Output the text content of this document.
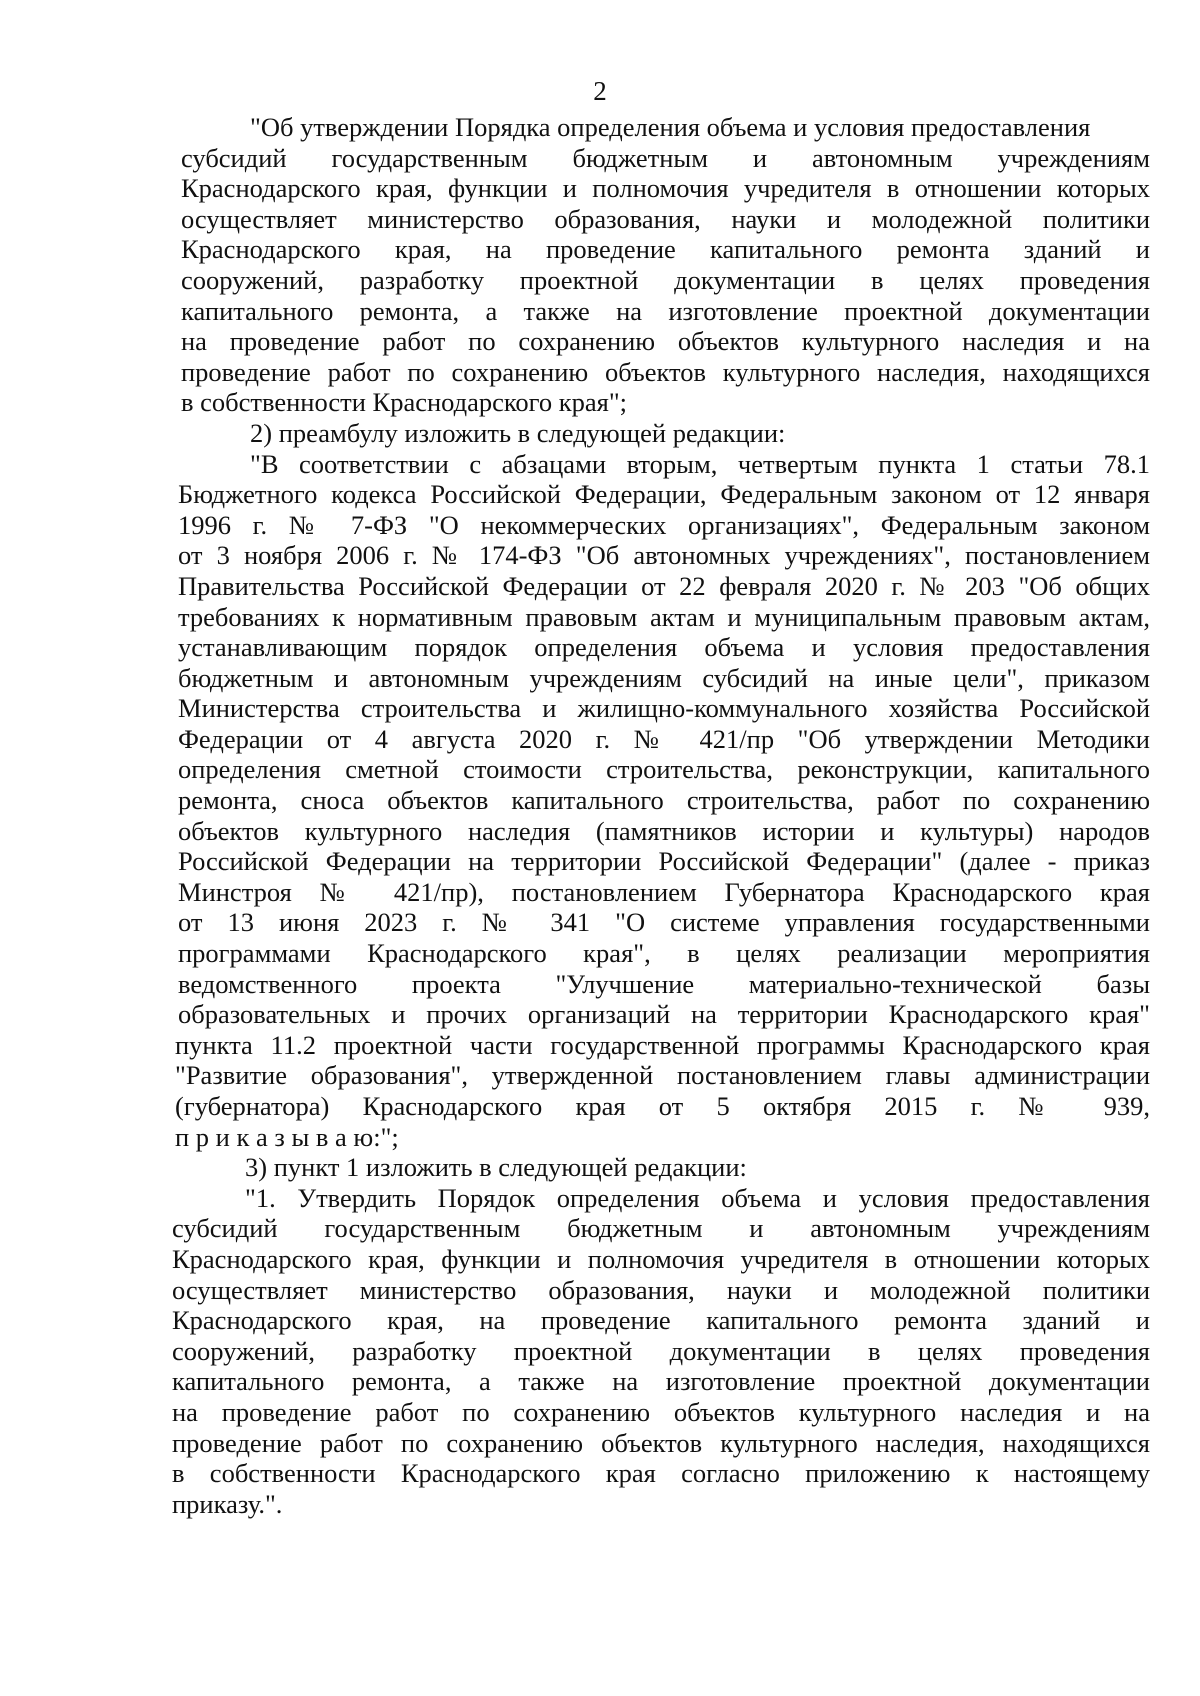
2
"Об утверждении Порядка определения объема и условия предоставления
субсидий государственным бюджетным и автономным учреждениям
Краснодарского края, функции и полномочия учредителя в отношении которых
осуществляет министерство образования, науки и молодежной политики
Краснодарского края, на проведение капитального ремонта зданий и
сооружений, разработку проектной документации в целях проведения
капитального ремонта, а также на изготовление проектной документации
на проведение работ по сохранению объектов культурного наследия и на
проведение работ по сохранению объектов культурного наследия, находящихся
в собственности Краснодарского края";
2) преамбулу изложить в следующей редакции:
"В соответствии с абзацами вторым, четвертым пункта 1 статьи 78.1
Бюджетного кодекса Российской Федерации, Федеральным законом от 12 января
1996 г. № 7-ФЗ "О некоммерческих организациях", Федеральным законом
от 3 ноября 2006 г. № 174-ФЗ "Об автономных учреждениях", постановлением
Правительства Российской Федерации от 22 февраля 2020 г. № 203 "Об общих
требованиях к нормативным правовым актам и муниципальным правовым актам,
устанавливающим порядок определения объема и условия предоставления
бюджетным и автономным учреждениям субсидий на иные цели", приказом
Министерства строительства и жилищно-коммунального хозяйства Российской
Федерации от 4 августа 2020 г. № 421/пр "Об утверждении Методики
определения сметной стоимости строительства, реконструкции, капитального
ремонта, сноса объектов капитального строительства, работ по сохранению
объектов культурного наследия (памятников истории и культуры) народов
Российской Федерации на территории Российской Федерации" (далее - приказ
Минстроя № 421/пр), постановлением Губернатора Краснодарского края
от 13 июня 2023 г. № 341 "О системе управления государственными
программами Краснодарского края", в целях реализации мероприятия
ведомственного проекта "Улучшение материально-технической базы
образовательных и прочих организаций на территории Краснодарского края"
пункта 11.2 проектной части государственной программы Краснодарского края
"Развитие образования", утвержденной постановлением главы администрации
(губернатора) Краснодарского края от 5 октября 2015 г. № 939,
п р и к а з ы в а ю:";
3) пункт 1 изложить в следующей редакции:
"1. Утвердить Порядок определения объема и условия предоставления
субсидий государственным бюджетным и автономным учреждениям
Краснодарского края, функции и полномочия учредителя в отношении которых
осуществляет министерство образования, науки и молодежной политики
Краснодарского края, на проведение капитального ремонта зданий и
сооружений, разработку проектной документации в целях проведения
капитального ремонта, а также на изготовление проектной документации
на проведение работ по сохранению объектов культурного наследия и на
проведение работ по сохранению объектов культурного наследия, находящихся
в собственности Краснодарского края согласно приложению к настоящему
приказу.".
